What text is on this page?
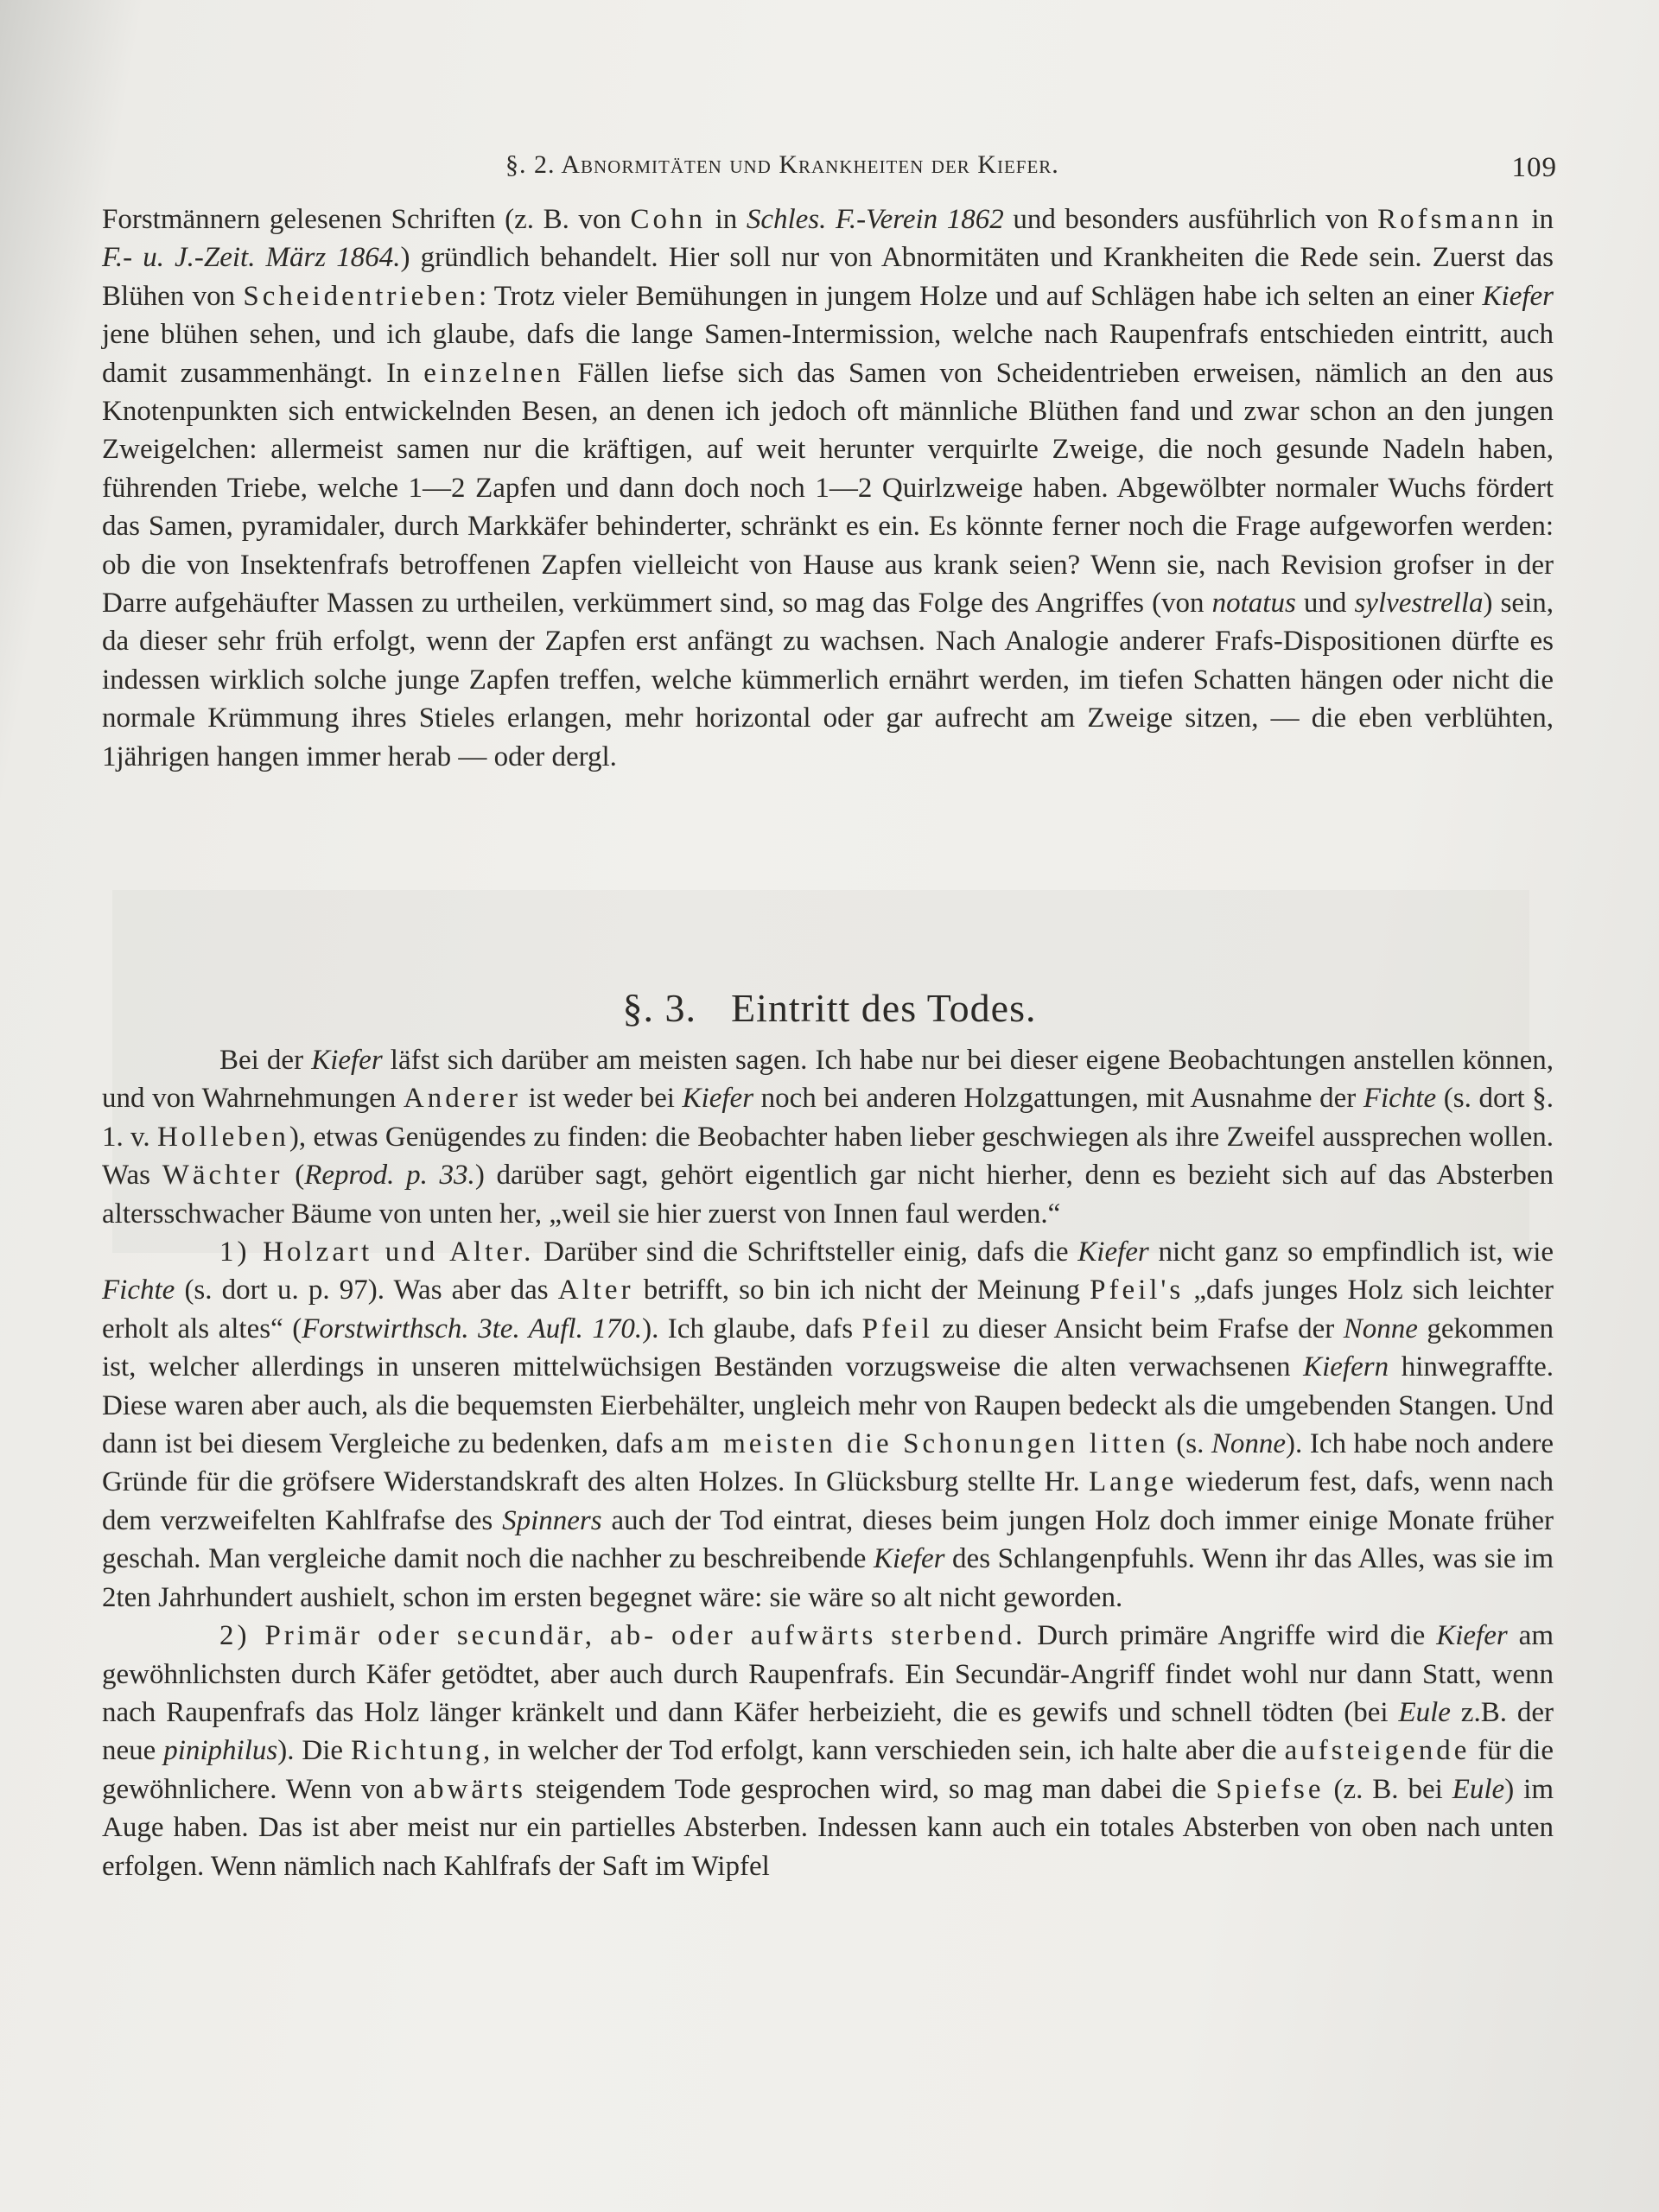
§. 2. Abnormitäten und Krankheiten der Kiefer.	109

Forstmännern gelesenen Schriften (z. B. von Cohn in Schles. F.-Verein 1862 und besonders ausführlich von Rofsmann in F.- u. J.-Zeit. März 1864.) gründlich behandelt. Hier soll nur von Abnormitäten und Krankheiten die Rede sein. Zuerst das Blühen von Scheidentrieben: Trotz vieler Bemühungen in jungem Holze und auf Schlägen habe ich selten an einer Kiefer jene blühen sehen, und ich glaube, dafs die lange Samen-Intermission, welche nach Raupenfrafs entschieden eintritt, auch damit zusammenhängt. In einzelnen Fällen liefse sich das Samen von Scheidentrieben erweisen, nämlich an den aus Knotenpunkten sich entwickelnden Besen, an denen ich jedoch oft männliche Blüthen fand und zwar schon an den jungen Zweigelchen: allermeist samen nur die kräftigen, auf weit herunter verquirlte Zweige, die noch gesunde Nadeln haben, führenden Triebe, welche 1—2 Zapfen und dann doch noch 1—2 Quirlzweige haben. Abgewölbter normaler Wuchs fördert das Samen, pyramidaler, durch Markkäfer behinderter, schränkt es ein. Es könnte ferner noch die Frage aufgeworfen werden: ob die von Insektenfrafs betroffenen Zapfen vielleicht von Hause aus krank seien? Wenn sie, nach Revision grofser in der Darre aufgehäufter Massen zu urtheilen, verkümmert sind, so mag das Folge des Angriffes (von notatus und sylvestrella) sein, da dieser sehr früh erfolgt, wenn der Zapfen erst anfängt zu wachsen. Nach Analogie anderer Frafs-Dispositionen dürfte es indessen wirklich solche junge Zapfen treffen, welche kümmerlich ernährt werden, im tiefen Schatten hängen oder nicht die normale Krümmung ihres Stieles erlangen, mehr horizontal oder gar aufrecht am Zweige sitzen, — die eben verblühten, 1jährigen hangen immer herab — oder dergl.

§. 3. Eintritt des Todes.

Bei der Kiefer läfst sich darüber am meisten sagen. Ich habe nur bei dieser eigene Beobachtungen anstellen können, und von Wahrnehmungen Anderer ist weder bei Kiefer noch bei anderen Holzgattungen, mit Ausnahme der Fichte (s. dort §. 1. v. Holleben), etwas Genügendes zu finden: die Beobachter haben lieber geschwiegen als ihre Zweifel aussprechen wollen. Was Wächter (Reprod. p. 33.) darüber sagt, gehört eigentlich gar nicht hierher, denn es bezieht sich auf das Absterben altersschwacher Bäume von unten her, „weil sie hier zuerst von Innen faul werden.“

1) Holzart und Alter. Darüber sind die Schriftsteller einig, dafs die Kiefer nicht ganz so empfindlich ist, wie Fichte (s. dort u. p. 97). Was aber das Alter betrifft, so bin ich nicht der Meinung Pfeil's „dafs junges Holz sich leichter erholt als altes“ (Forstwirthsch. 3te. Aufl. 170.). Ich glaube, dafs Pfeil zu dieser Ansicht beim Frafse der Nonne gekommen ist, welcher allerdings in unseren mittelwüchsigen Beständen vorzugsweise die alten verwachsenen Kiefern hinwegraffte. Diese waren aber auch, als die bequemsten Eierbehälter, ungleich mehr von Raupen bedeckt als die umgebenden Stangen. Und dann ist bei diesem Vergleiche zu bedenken, dafs am meisten die Schonungen litten (s. Nonne). Ich habe noch andere Gründe für die gröfsere Widerstandskraft des alten Holzes. In Glücksburg stellte Hr. Lange wiederum fest, dafs, wenn nach dem verzweifelten Kahlfrafse des Spinners auch der Tod eintrat, dieses beim jungen Holz doch immer einige Monate früher geschah. Man vergleiche damit noch die nachher zu beschreibende Kiefer des Schlangenpfuhls. Wenn ihr das Alles, was sie im 2ten Jahrhundert aushielt, schon im ersten begegnet wäre: sie wäre so alt nicht geworden.

2) Primär oder secundär, ab- oder aufwärts sterbend. Durch primäre Angriffe wird die Kiefer am gewöhnlichsten durch Käfer getödtet, aber auch durch Raupenfrafs. Ein Secundär-Angriff findet wohl nur dann Statt, wenn nach Raupenfrafs das Holz länger kränkelt und dann Käfer herbeizieht, die es gewifs und schnell tödten (bei Eule z.B. der neue piniphilus). Die Richtung, in welcher der Tod erfolgt, kann verschieden sein, ich halte aber die aufsteigende für die gewöhnlichere. Wenn von abwärts steigendem Tode gesprochen wird, so mag man dabei die Spiefse (z. B. bei Eule) im Auge haben. Das ist aber meist nur ein partielles Absterben. Indessen kann auch ein totales Absterben von oben nach unten erfolgen. Wenn nämlich nach Kahlfrafs der Saft im Wipfel
